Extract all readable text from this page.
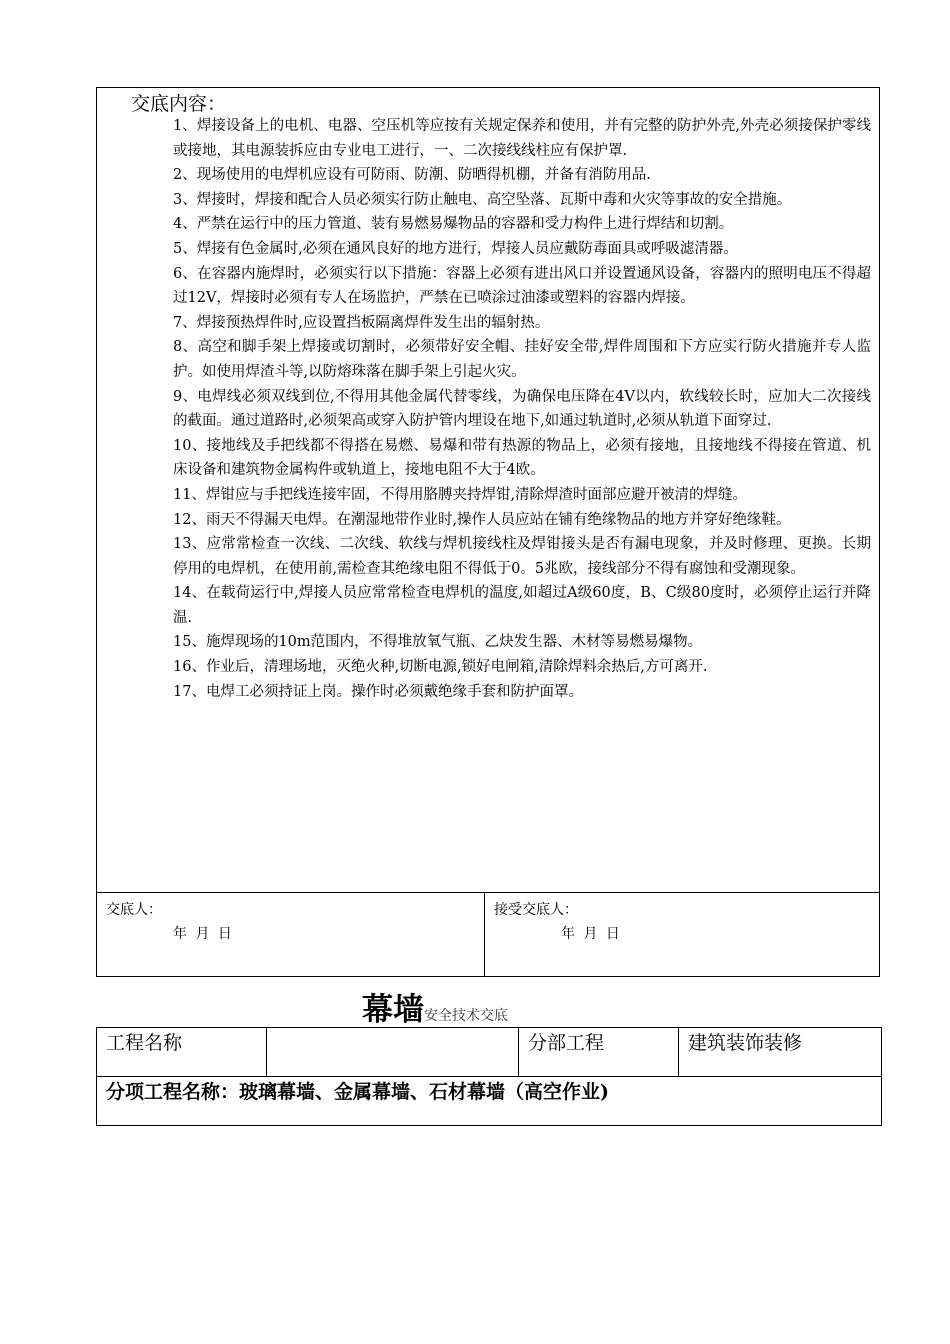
交底内容：
1、焊接设备上的电机、电器、空压机等应按有关规定保养和使用，并有完整的防护外壳,外壳必须接保护零线或接地，其电源装拆应由专业电工进行，一、二次接线线柱应有保护罩.
2、现场使用的电焊机应设有可防雨、防潮、防晒得机棚，并备有消防用品.
3、焊接时，焊接和配合人员必须实行防止触电、高空坠落、瓦斯中毒和火灾等事故的安全措施。
4、严禁在运行中的压力管道、装有易燃易爆物品的容器和受力构件上进行焊结和切割。
5、焊接有色金属时,必须在通风良好的地方进行，焊接人员应戴防毒面具或呼吸滤清器。
6、在容器内施焊时，必须实行以下措施：容器上必须有进出风口并设置通风设备，容器内的照明电压不得超过12V，焊接时必须有专人在场监护，严禁在已喷涂过油漆或塑料的容器内焊接。
7、焊接预热焊件时,应设置挡板隔离焊件发生出的辐射热。
8、高空和脚手架上焊接或切割时，必须带好安全帽、挂好安全带,焊件周围和下方应实行防火措施并专人监护。如使用焊渣斗等,以防熔珠落在脚手架上引起火灾。
9、电焊线必须双线到位,不得用其他金属代替零线，为确保电压降在4V以内，软线较长时，应加大二次接线的截面。通过道路时,必须架高或穿入防护管内埋设在地下,如通过轨道时,必须从轨道下面穿过.
10、接地线及手把线都不得搭在易燃、易爆和带有热源的物品上，必须有接地，且接地线不得接在管道、机床设备和建筑物金属构件或轨道上，接地电阻不大于4欧。
11、焊钳应与手把线连接牢固，不得用胳膊夹持焊钳,清除焊渣时面部应避开被清的焊缝。
12、雨天不得漏天电焊。在潮湿地带作业时,操作人员应站在铺有绝缘物品的地方并穿好绝缘鞋。
13、应常常检查一次线、二次线、软线与焊机接线柱及焊钳接头是否有漏电现象，并及时修理、更换。长期停用的电焊机，在使用前,需检查其绝缘电阻不得低于0。5兆欧，接线部分不得有腐蚀和受潮现象。
14、在载荷运行中,焊接人员应常常检查电焊机的温度,如超过A级60度，B、C级80度时，必须停止运行并降温.
15、施焊现场的10m范围内，不得堆放氧气瓶、乙炔发生器、木材等易燃易爆物。
16、作业后，清理场地，灭绝火种,切断电源,锁好电闸箱,清除焊料余热后,方可离开.
17、电焊工必须持证上岗。操作时必须戴绝缘手套和防护面罩。
交底人：
年 月 日
接受交底人：
年 月 日
幕墙安全技术交底
工程名称		分部工程	建筑装饰装修
分项工程名称：玻璃幕墙、金属幕墙、石材幕墙（高空作业)
